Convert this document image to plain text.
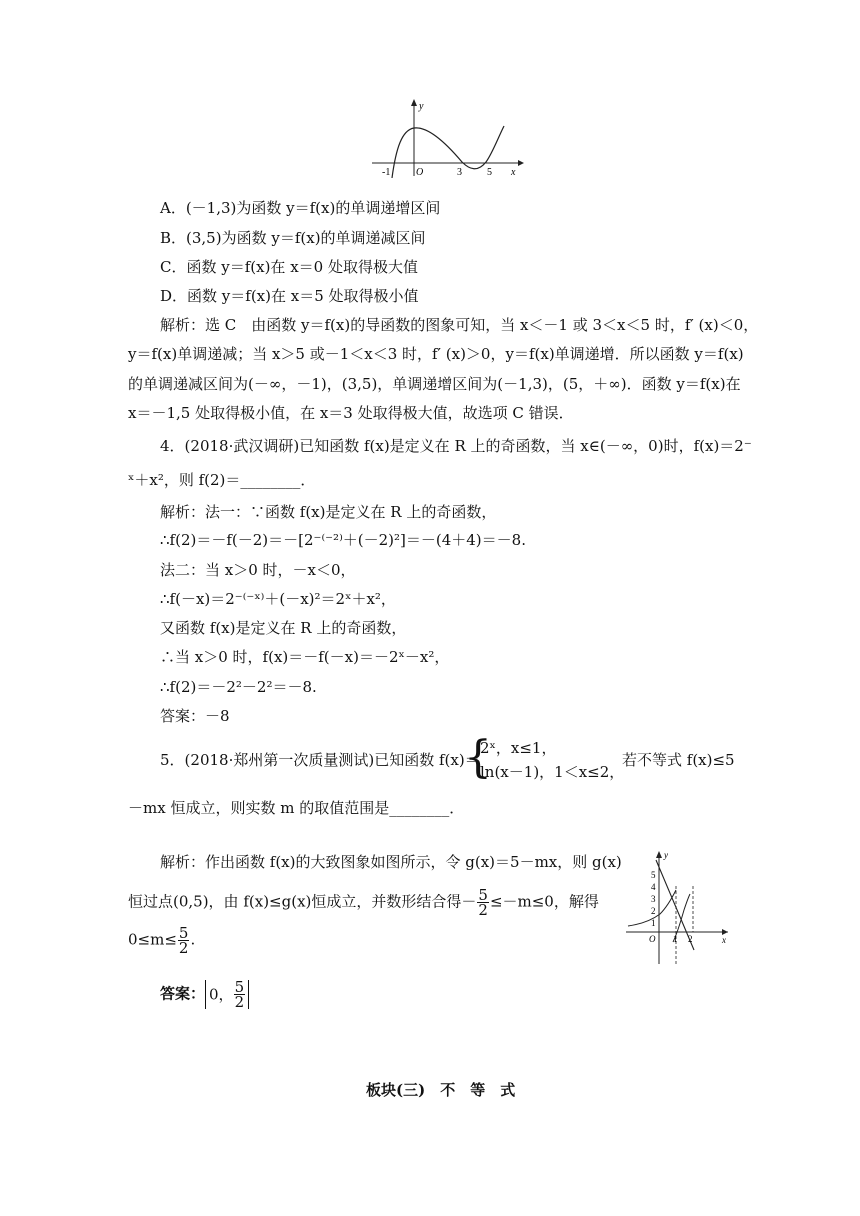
y
x
O
-1	3	5
A．(－1,3)为函数 y＝f(x)的单调递增区间
B．(3,5)为函数 y＝f(x)的单调递减区间
C．函数 y＝f(x)在 x＝0 处取得极大值
D．函数 y＝f(x)在 x＝5 处取得极小值
解析：选 C　由函数 y＝f(x)的导函数的图象可知，当 x＜－1 或 3＜x＜5 时，f′ (x)＜0，
y＝f(x)单调递减；当 x＞5 或－1＜x＜3 时，f′ (x)＞0，y＝f(x)单调递增．所以函数 y＝f(x)
的单调递减区间为(－∞，－1)，(3,5)，单调递增区间为(－1,3)，(5，＋∞)．函数 y＝f(x)在
x＝－1,5 处取得极小值，在 x＝3 处取得极大值，故选项 C 错误．
4．(2018·武汉调研)已知函数 f(x)是定义在 R 上的奇函数，当 x∈(－∞，0)时，f(x)＝2⁻
ˣ＋x²，则 f(2)＝________．
解析：法一：∵函数 f(x)是定义在 R 上的奇函数，
∴f(2)＝－f(－2)＝－[2⁻⁽⁻²⁾＋(－2)²]＝－(4＋4)＝－8.
法二：当 x＞0 时，－x＜0，
∴f(－x)＝2⁻⁽⁻ˣ⁾＋(－x)²＝2ˣ＋x²，
又函数 f(x)是定义在 R 上的奇函数，
∴当 x＞0 时，f(x)＝－f(－x)＝－2ˣ－x²，
∴f(2)＝－2²－2²＝－8.
答案：－8
5．(2018·郑州第一次质量测试)已知函数 f(x)＝
{
2ˣ，x≤1，
ln(x－1)，1＜x≤2，
若不等式 f(x)≤5
－mx 恒成立，则实数 m 的取值范围是________．
解析：作出函数 f(x)的大致图象如图所示，令 g(x)＝5－mx，则 g(x)
恒过点(0,5)，由 f(x)≤g(x)恒成立，并数形结合得－ $\frac{5}{2} \le-m\le 0$，解得
$0\le m\le \frac{5}{2}$ .
答案： 0， $\frac{5}{2}$
y
x
O
5
4
3
2
1
1 2
板块(三)　不　等　式
